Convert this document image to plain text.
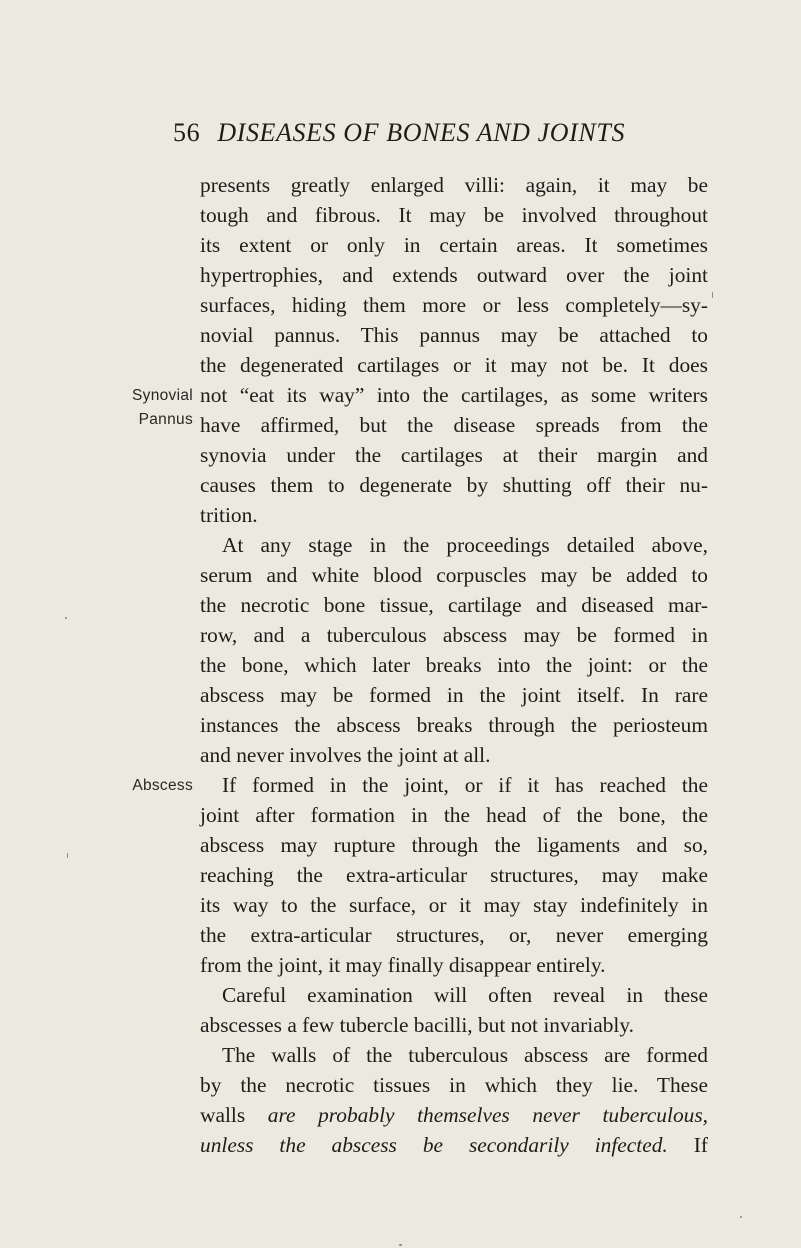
56 DISEASES OF BONES AND JOINTS
Synovial
Pannus
Abscess
presents greatly enlarged villi: again, it may be
tough and fibrous. It may be involved throughout
its extent or only in certain areas. It sometimes
hypertrophies, and extends outward over the joint
surfaces, hiding them more or less completely—sy-
novial pannus. This pannus may be attached to
the degenerated cartilages or it may not be. It does
not “eat its way” into the cartilages, as some writers
have affirmed, but the disease spreads from the
synovia under the cartilages at their margin and
causes them to degenerate by shutting off their nu-
trition.
At any stage in the proceedings detailed above,
serum and white blood corpuscles may be added to
the necrotic bone tissue, cartilage and diseased mar-
row, and a tuberculous abscess may be formed in
the bone, which later breaks into the joint: or the
abscess may be formed in the joint itself. In rare
instances the abscess breaks through the periosteum
and never involves the joint at all.
If formed in the joint, or if it has reached the
joint after formation in the head of the bone, the
abscess may rupture through the ligaments and so,
reaching the extra-articular structures, may make
its way to the surface, or it may stay indefinitely in
the extra-articular structures, or, never emerging
from the joint, it may finally disappear entirely.
Careful examination will often reveal in these
abscesses a few tubercle bacilli, but not invariably.
The walls of the tuberculous abscess are formed
by the necrotic tissues in which they lie. These
walls are probably themselves never tuberculous,
unless the abscess be secondarily infected. If
